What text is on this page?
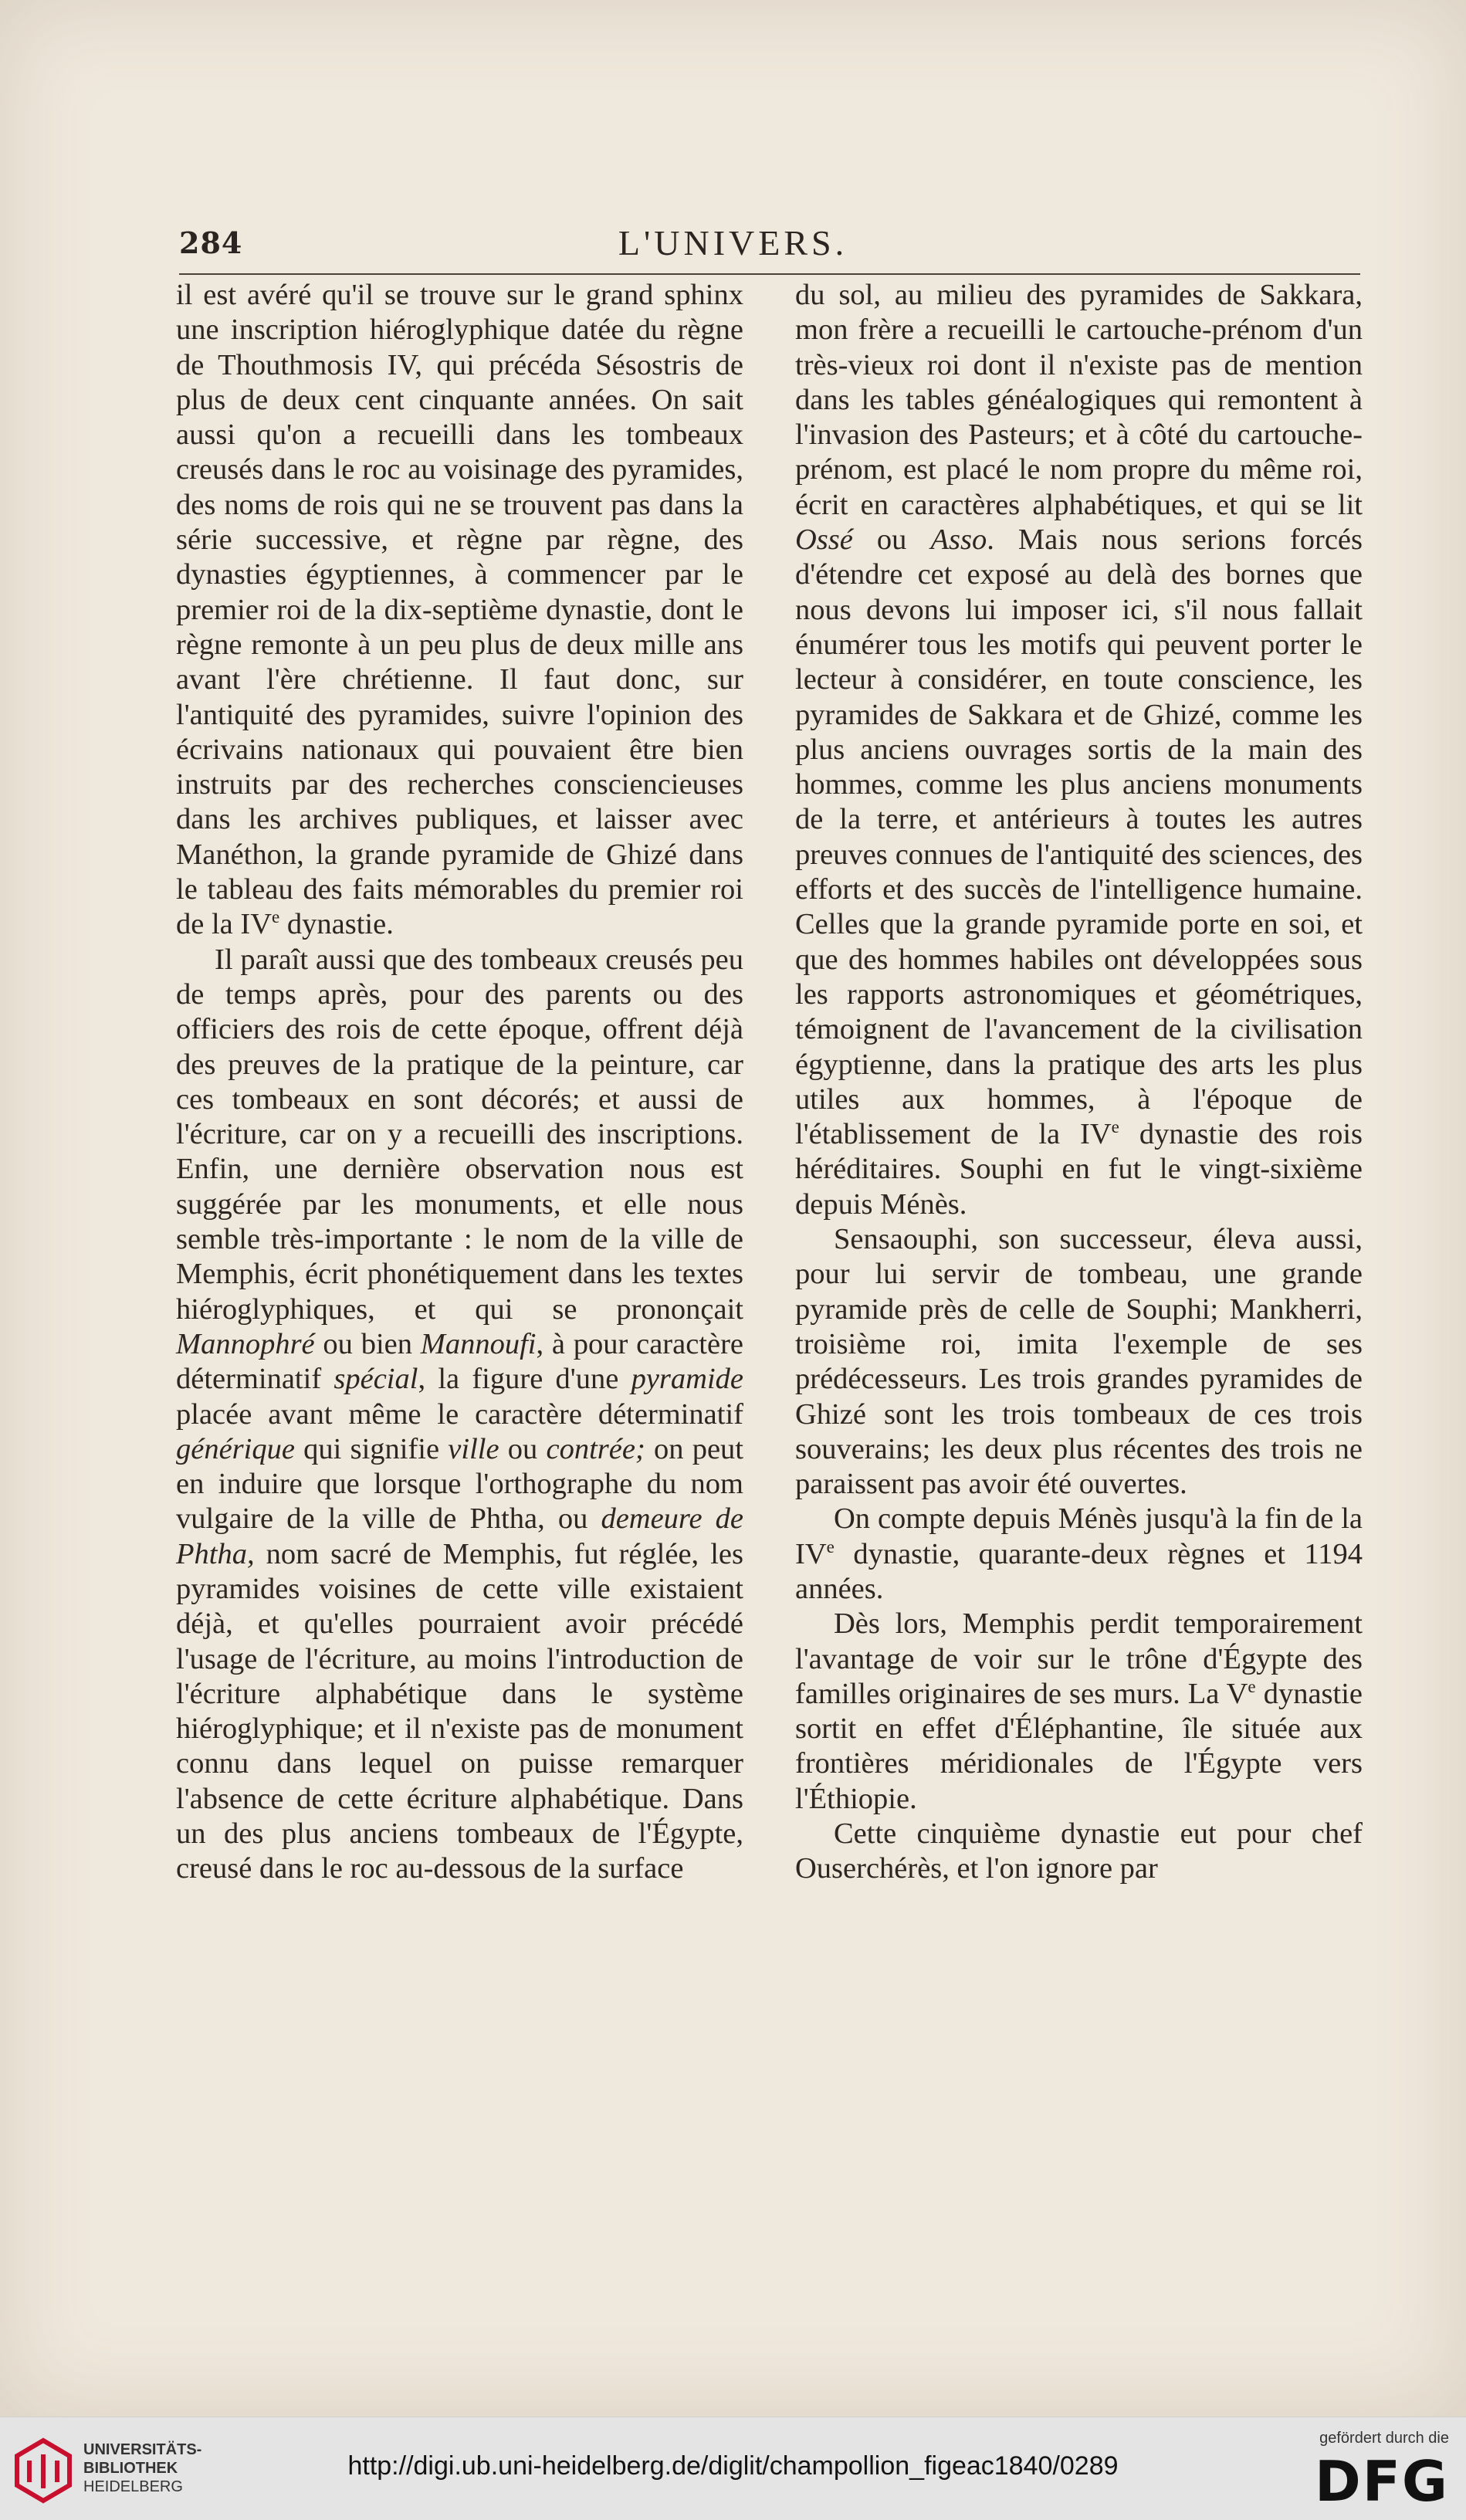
284	L'UNIVERS.

il est avéré qu'il se trouve sur le grand sphinx une inscription hiéroglyphique datée du règne de Thouthmosis IV, qui précéda Sésostris de plus de deux cent cinquante années. On sait aussi qu'on a recueilli dans les tombeaux creusés dans le roc au voisinage des pyramides, des noms de rois qui ne se trouvent pas dans la série successive, et règne par règne, des dynasties égyptiennes, à commencer par le premier roi de la dix-septième dynastie, dont le règne remonte à un peu plus de deux mille ans avant l'ère chrétienne. Il faut donc, sur l'antiquité des pyramides, suivre l'opinion des écrivains nationaux qui pouvaient être bien instruits par des recherches consciencieuses dans les archives publiques, et laisser avec Manéthon, la grande pyramide de Ghizé dans le tableau des faits mémorables du premier roi de la IVe dynastie.

Il paraît aussi que des tombeaux creusés peu de temps après, pour des parents ou des officiers des rois de cette époque, offrent déjà des preuves de la pratique de la peinture, car ces tombeaux en sont décorés; et aussi de l'écriture, car on y a recueilli des inscriptions. Enfin, une dernière observation nous est suggérée par les monuments, et elle nous semble très-importante : le nom de la ville de Memphis, écrit phonétiquement dans les textes hiéroglyphiques, et qui se prononçait Mannophré ou bien Mannoufi, à pour caractère déterminatif spécial, la figure d'une pyramide placée avant même le caractère déterminatif générique qui signifie ville ou contrée; on peut en induire que lorsque l'orthographe du nom vulgaire de la ville de Phtha, ou demeure de Phtha, nom sacré de Memphis, fut réglée, les pyramides voisines de cette ville existaient déjà, et qu'elles pourraient avoir précédé l'usage de l'écriture, au moins l'introduction de l'écriture alphabétique dans le système hiéroglyphique; et il n'existe pas de monument connu dans lequel on puisse remarquer l'absence de cette écriture alphabétique. Dans un des plus anciens tombeaux de l'Égypte, creusé dans le roc au-dessous de la surface

du sol, au milieu des pyramides de Sakkara, mon frère a recueilli le cartouche-prénom d'un très-vieux roi dont il n'existe pas de mention dans les tables généalogiques qui remontent à l'invasion des Pasteurs; et à côté du cartouche-prénom, est placé le nom propre du même roi, écrit en caractères alphabétiques, et qui se lit Ossé ou Asso. Mais nous serions forcés d'étendre cet exposé au delà des bornes que nous devons lui imposer ici, s'il nous fallait énumérer tous les motifs qui peuvent porter le lecteur à considérer, en toute conscience, les pyramides de Sakkara et de Ghizé, comme les plus anciens ouvrages sortis de la main des hommes, comme les plus anciens monuments de la terre, et antérieurs à toutes les autres preuves connues de l'antiquité des sciences, des efforts et des succès de l'intelligence humaine. Celles que la grande pyramide porte en soi, et que des hommes habiles ont développées sous les rapports astronomiques et géométriques, témoignent de l'avancement de la civilisation égyptienne, dans la pratique des arts les plus utiles aux hommes, à l'époque de l'établissement de la IVe dynastie des rois héréditaires. Souphi en fut le vingt-sixième depuis Ménès.

Sensaouphi, son successeur, éleva aussi, pour lui servir de tombeau, une grande pyramide près de celle de Souphi; Mankherri, troisième roi, imita l'exemple de ses prédécesseurs. Les trois grandes pyramides de Ghizé sont les trois tombeaux de ces trois souverains; les deux plus récentes des trois ne paraissent pas avoir été ouvertes.

On compte depuis Ménès jusqu'à la fin de la IVe dynastie, quarante-deux règnes et 1194 années.

Dès lors, Memphis perdit temporairement l'avantage de voir sur le trône d'Égypte des familles originaires de ses murs. La Ve dynastie sortit en effet d'Éléphantine, île située aux frontières méridionales de l'Égypte vers l'Éthiopie.

Cette cinquième dynastie eut pour chef Ouserchérès, et l'on ignore par

UNIVERSITÄTS-
BIBLIOTHEK
HEIDELBERG
http://digi.ub.uni-heidelberg.de/diglit/champollion_figeac1840/0289
gefördert durch die
DFG
